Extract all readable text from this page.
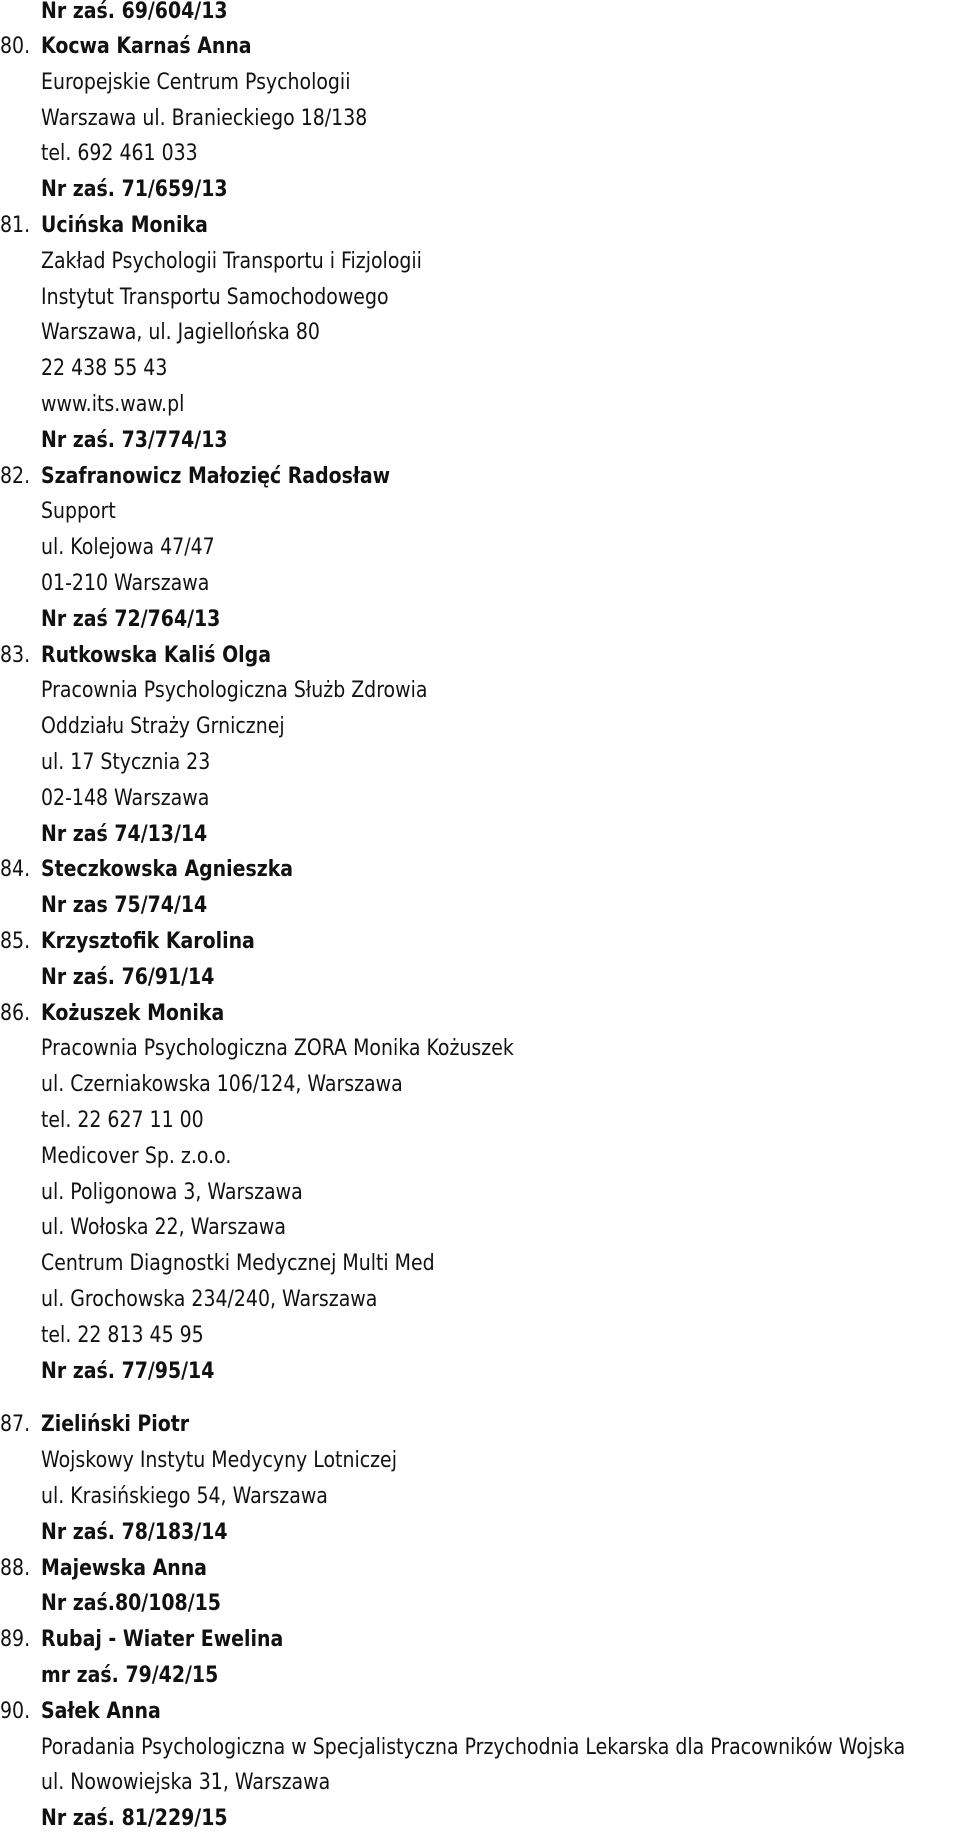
Nr zaś. 69/604/13
80. Kocwa Karnaś Anna
Europejskie Centrum Psychologii
Warszawa ul. Branieckiego 18/138
tel. 692 461 033
Nr zaś. 71/659/13
81. Ucińska Monika
Zakład Psychologii Transportu i Fizjologii
Instytut Transportu Samochodowego
Warszawa, ul. Jagiellońska 80
22 438 55 43
www.its.waw.pl
Nr zaś. 73/774/13
82. Szafranowicz Małozięć Radosław
Support
ul. Kolejowa 47/47
01-210 Warszawa
Nr zaś 72/764/13
83. Rutkowska Kaliś Olga
Pracownia Psychologiczna Służb Zdrowia
Oddziału Straży Grnicznej
ul. 17 Stycznia 23
02-148 Warszawa
Nr zaś 74/13/14
84. Steczkowska Agnieszka
Nr zas 75/74/14
85. Krzysztofik Karolina
Nr zaś. 76/91/14
86. Kożuszek Monika
Pracownia Psychologiczna ZORA Monika Kożuszek
ul. Czerniakowska 106/124, Warszawa
tel. 22 627 11 00
Medicover Sp. z.o.o.
ul. Poligonowa 3, Warszawa
ul. Wołoska 22, Warszawa
Centrum Diagnostki Medycznej Multi Med
ul. Grochowska 234/240, Warszawa
tel. 22 813 45 95
Nr zaś. 77/95/14
87. Zieliński Piotr
Wojskowy Instytu Medycyny Lotniczej
ul. Krasińskiego 54, Warszawa
Nr zaś. 78/183/14
88. Majewska Anna
Nr zaś.80/108/15
89. Rubaj - Wiater Ewelina
mr zaś. 79/42/15
90. Sałek Anna
Poradania Psychologiczna w Specjalistyczna Przychodnia Lekarska dla Pracowników Wojska
ul. Nowowiejska 31, Warszawa
Nr zaś. 81/229/15
